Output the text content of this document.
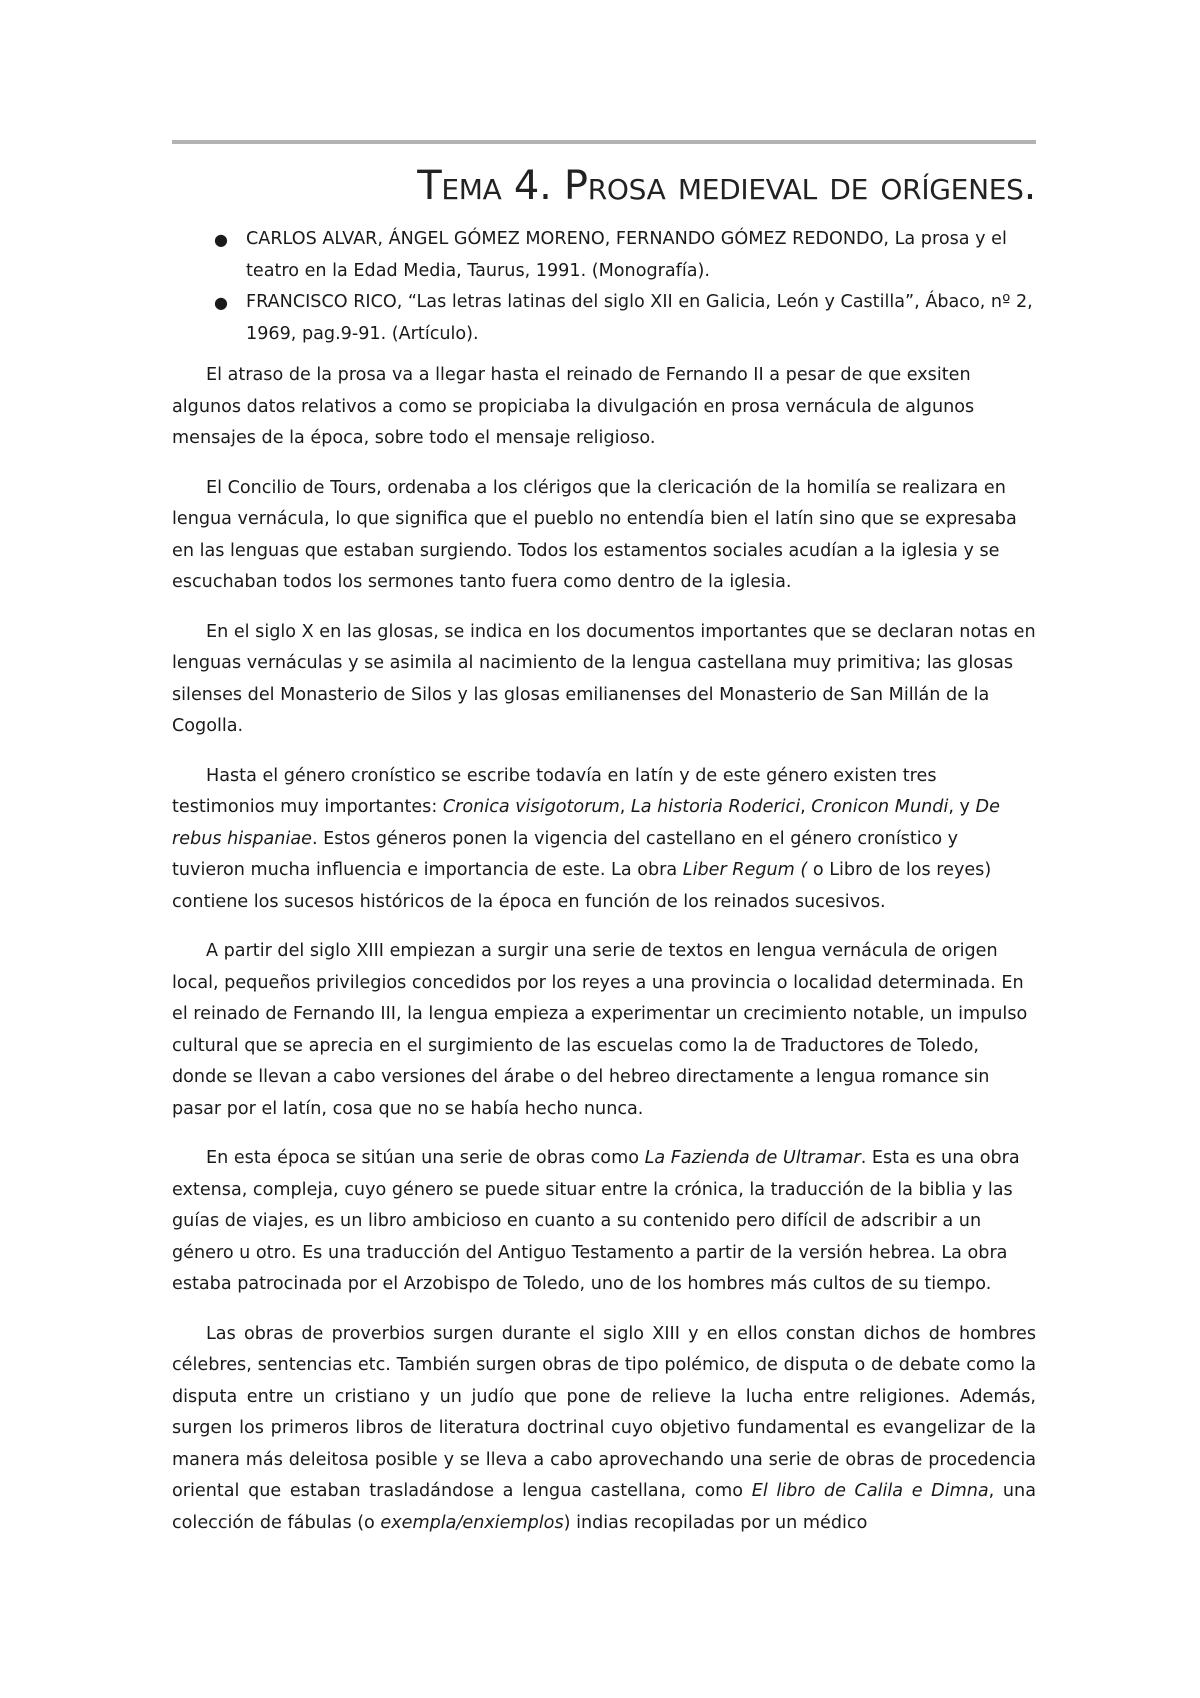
Tema 4. Prosa medieval de orígenes.
● CARLOS ALVAR, ÁNGEL GÓMEZ MORENO, FERNANDO GÓMEZ REDONDO, La prosa y el teatro en la Edad Media, Taurus, 1991. (Monografía).
● FRANCISCO RICO, “Las letras latinas del siglo XII en Galicia, León y Castilla”, Ábaco, nº 2, 1969, pag.9-91. (Artículo).

El atraso de la prosa va a llegar hasta el reinado de Fernando II a pesar de que exsiten algunos datos relativos a como se propiciaba la divulgación en prosa vernácula de algunos mensajes de la época, sobre todo el mensaje religioso.

El Concilio de Tours, ordenaba a los clérigos que la clericación de la homilía se realizara en lengua vernácula, lo que significa que el pueblo no entendía bien el latín sino que se expresaba en las lenguas que estaban surgiendo. Todos los estamentos sociales acudían a la iglesia y se escuchaban todos los sermones tanto fuera como dentro de la iglesia.

En el siglo X en las glosas, se indica en los documentos importantes que se declaran notas en lenguas vernáculas y se asimila al nacimiento de la lengua castellana muy primitiva; las glosas silenses del Monasterio de Silos y las glosas emilianenses del Monasterio de San Millán de la Cogolla.

Hasta el género cronístico se escribe todavía en latín y de este género existen tres testimonios muy importantes: Cronica visigotorum, La historia Roderici, Cronicon Mundi, y De rebus hispaniae. Estos géneros ponen la vigencia del castellano en el género cronístico y tuvieron mucha influencia e importancia de este. La obra Liber Regum ( o Libro de los reyes) contiene los sucesos históricos de la época en función de los reinados sucesivos.

A partir del siglo XIII empiezan a surgir una serie de textos en lengua vernácula de origen local, pequeños privilegios concedidos por los reyes a una provincia o localidad determinada. En el reinado de Fernando III, la lengua empieza a experimentar un crecimiento notable, un impulso cultural que se aprecia en el surgimiento de las escuelas como la de Traductores de Toledo, donde se llevan a cabo versiones del árabe o del hebreo directamente a lengua romance sin pasar por el latín, cosa que no se había hecho nunca.

En esta época se sitúan una serie de obras como La Fazienda de Ultramar. Esta es una obra extensa, compleja, cuyo género se puede situar entre la crónica, la traducción de la biblia y las guías de viajes, es un libro ambicioso en cuanto a su contenido pero difícil de adscribir a un género u otro. Es una traducción del Antiguo Testamento a partir de la versión hebrea. La obra estaba patrocinada por el Arzobispo de Toledo, uno de los hombres más cultos de su tiempo.

Las obras de proverbios surgen durante el siglo XIII y en ellos constan dichos de hombres célebres, sentencias etc. También surgen obras de tipo polémico, de disputa o de debate como la disputa entre un cristiano y un judío que pone de relieve la lucha entre religiones. Además, surgen los primeros libros de literatura doctrinal cuyo objetivo fundamental es evangelizar de la manera más deleitosa posible y se lleva a cabo aprovechando una serie de obras de procedencia oriental que estaban trasladándose a lengua castellana, como El libro de Calila e Dimna, una colección de fábulas (o exempla/enxiemplos) indias recopiladas por un médico
